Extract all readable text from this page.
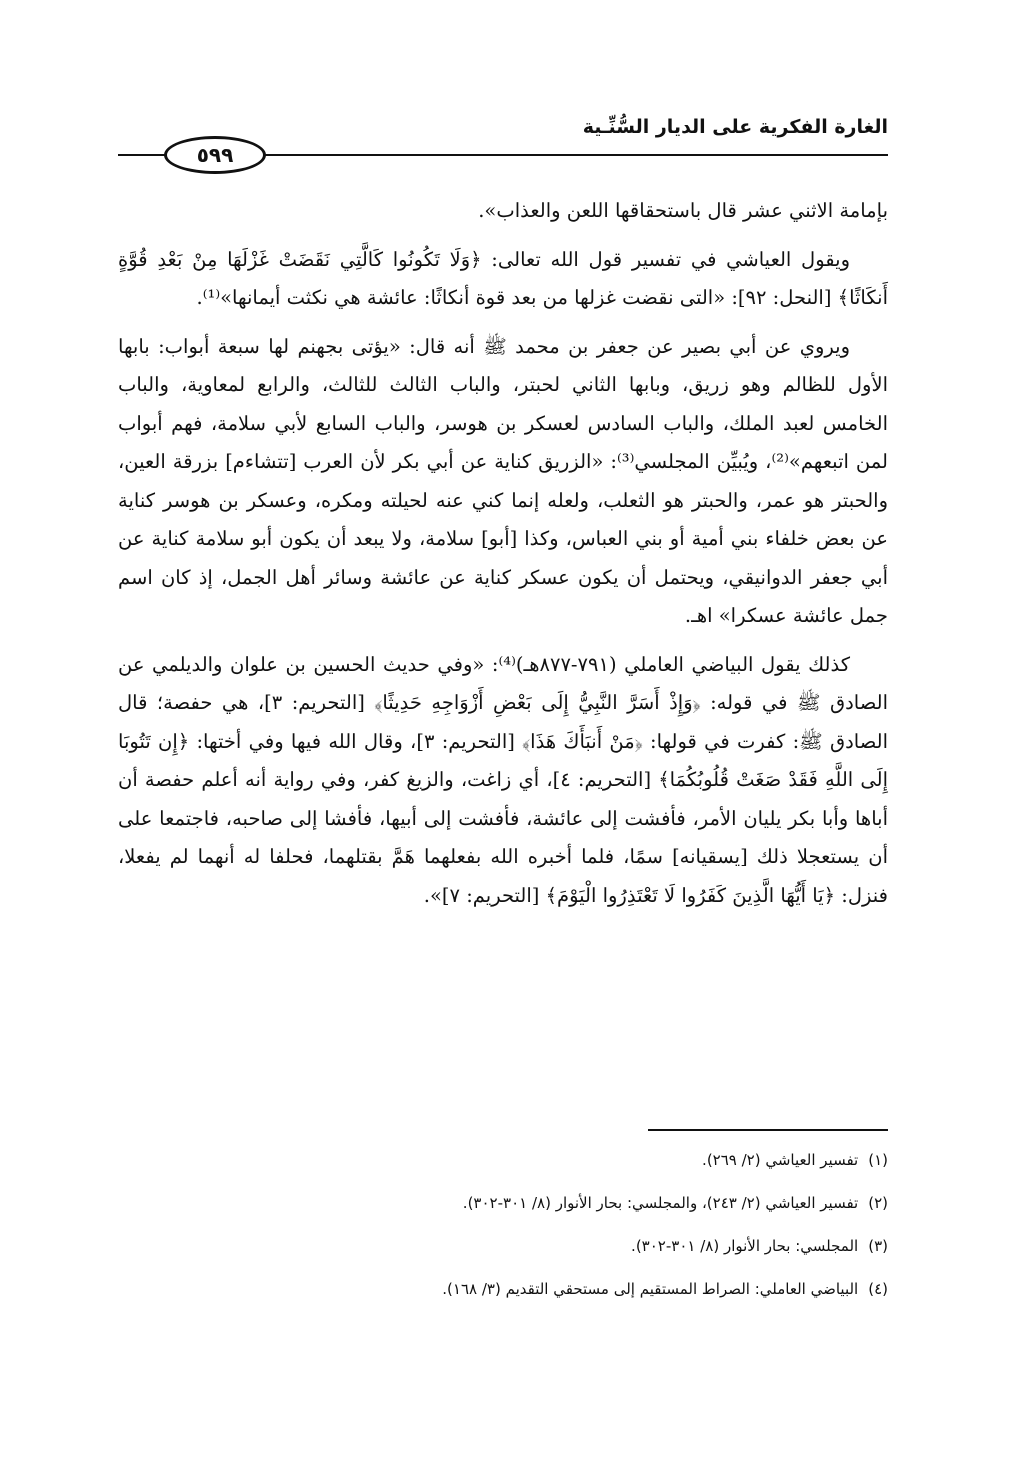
الغارة الفكرية على الديار السُّنِّـية
٥٩٩

بإمامة الاثني عشر قال باستحقاقها اللعن والعذاب».

ويقول العياشي في تفسير قول الله تعالى: ﴿وَلَا تَكُونُوا كَالَّتِي نَقَضَتْ غَزْلَهَا مِنْ بَعْدِ قُوَّةٍ أَنكَاثًا﴾ [النحل: ٩٢]: «التى نقضت غزلها من بعد قوة أنكاثًا: عائشة هي نكثت أيمانها»⁽¹⁾.

ويروي عن أبي بصير عن جعفر بن محمد ﷺ أنه قال: «يؤتى بجهنم لها سبعة أبواب: بابها الأول للظالم وهو زريق، وبابها الثاني لحبتر، والباب الثالث للثالث، والرابع لمعاوية، والباب الخامس لعبد الملك، والباب السادس لعسكر بن هوسر، والباب السابع لأبي سلامة، فهم أبواب لمن اتبعهم»⁽²⁾، ويُبيِّن المجلسي⁽³⁾: «الزريق كناية عن أبي بكر لأن العرب [تتشاءم] بزرقة العين، والحبتر هو عمر، والحبتر هو الثعلب، ولعله إنما كني عنه لحيلته ومكره، وعسكر بن هوسر كناية عن بعض خلفاء بني أمية أو بني العباس، وكذا [أبو] سلامة، ولا يبعد أن يكون أبو سلامة كناية عن أبي جعفر الدوانيقي، ويحتمل أن يكون عسكر كناية عن عائشة وسائر أهل الجمل، إذ كان اسم جمل عائشة عسكرا» اهـ.

كذلك يقول البياضي العاملي (٧٩١-٨٧٧هـ)⁽⁴⁾: «وفي حديث الحسين بن علوان والديلمي عن الصادق ﷺ في قوله: ﴿وَإِذْ أَسَرَّ النَّبِيُّ إِلَى بَعْضِ أَزْوَاجِهِ حَدِيثًا﴾ [التحريم: ٣]، هي حفصة؛ قال الصادق ﷺ: كفرت في قولها: ﴿مَنْ أَنبَأَكَ هَذَا﴾ [التحريم: ٣]، وقال الله فيها وفي أختها: ﴿إِن تَتُوبَا إِلَى اللَّهِ فَقَدْ صَغَتْ قُلُوبُكُمَا﴾ [التحريم: ٤]، أي زاغت، والزيغ كفر، وفي رواية أنه أعلم حفصة أن أباها وأبا بكر يليان الأمر، فأفشت إلى عائشة، فأفشت إلى أبيها، فأفشا إلى صاحبه، فاجتمعا على أن يستعجلا ذلك [يسقيانه] سمًا، فلما أخبره الله بفعلهما هَمَّ بقتلهما، فحلفا له أنهما لم يفعلا، فنزل: ﴿يَا أَيُّهَا الَّذِينَ كَفَرُوا لَا تَعْتَذِرُوا الْيَوْمَ﴾ [التحريم: ٧]».

(١)تفسير العياشي (٢/ ٢٦٩).
(٢)تفسير العياشي (٢/ ٢٤٣)، والمجلسي: بحار الأنوار (٨/ ٣٠١-٣٠٢).
(٣)المجلسي: بحار الأنوار (٨/ ٣٠١-٣٠٢).
(٤)البياضي العاملي: الصراط المستقيم إلى مستحقي التقديم (٣/ ١٦٨).
